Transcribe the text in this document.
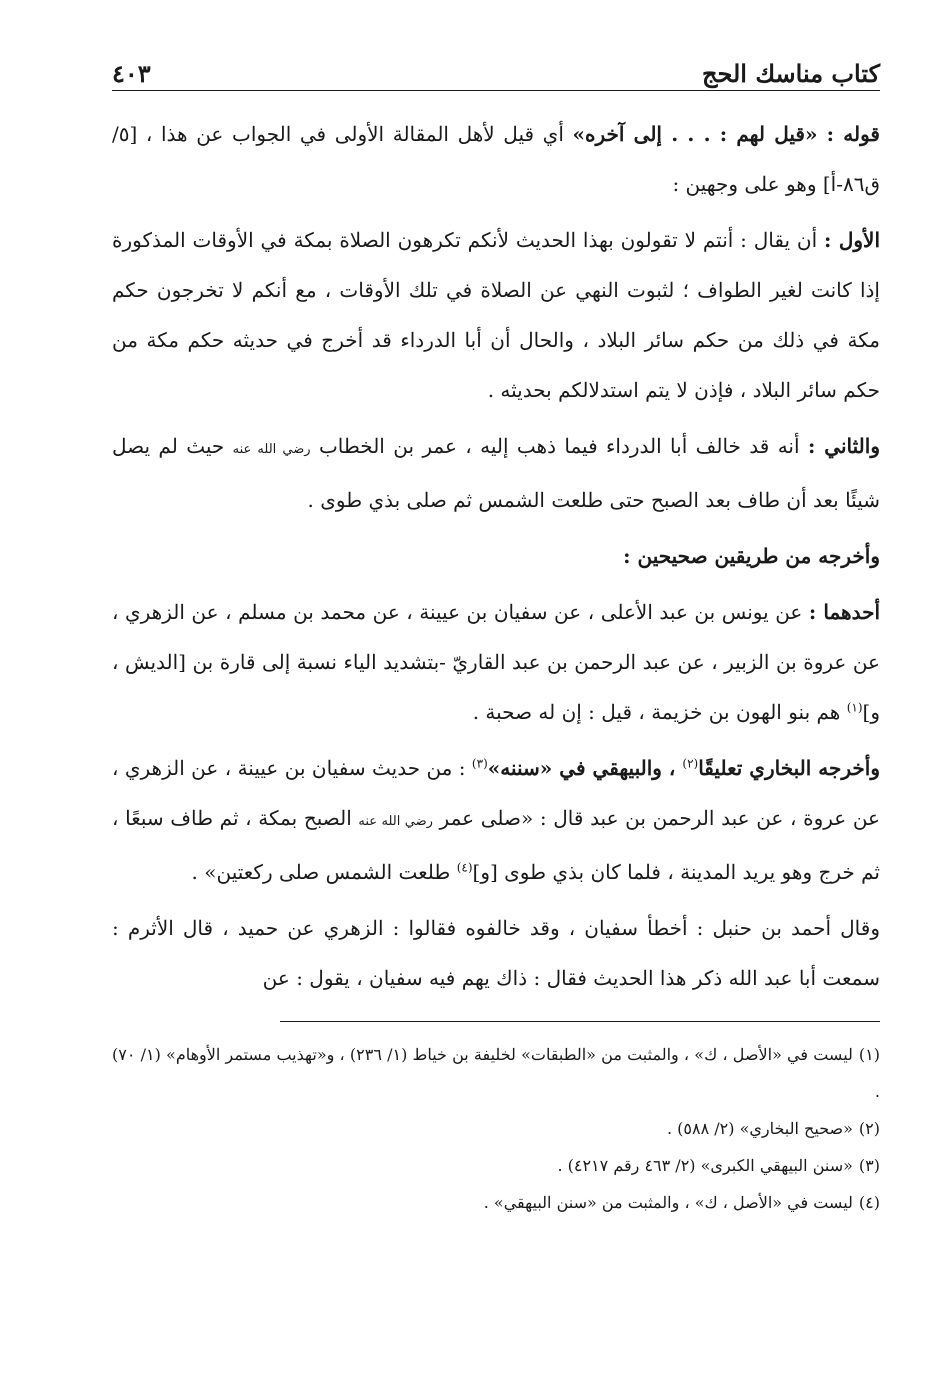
كتاب مناسك الحج
٤٠٣

قوله : «قيل لهم : . . . إلى آخره» أي قيل لأهل المقالة الأولى في الجواب عن هذا ، [٥/ ق٨٦-أ] وهو على وجهين :

الأول : أن يقال : أنتم لا تقولون بهذا الحديث لأنكم تكرهون الصلاة بمكة في الأوقات المذكورة إذا كانت لغير الطواف ؛ لثبوت النهي عن الصلاة في تلك الأوقات ، مع أنكم لا تخرجون حكم مكة في ذلك من حكم سائر البلاد ، والحال أن أبا الدرداء قد أخرج في حديثه حكم مكة من حكم سائر البلاد ، فإذن لا يتم استدلالكم بحديثه .

والثاني : أنه قد خالف أبا الدرداء فيما ذهب إليه ، عمر بن الخطاب رضي الله عنه حيث لم يصل شيئًا بعد أن طاف بعد الصبح حتى طلعت الشمس ثم صلى بذي طوى .

وأخرجه من طريقين صحيحين :

أحدهما : عن يونس بن عبد الأعلى ، عن سفيان بن عيينة ، عن محمد بن مسلم ، عن الزهري ، عن عروة بن الزبير ، عن عبد الرحمن بن عبد القاريّ -بتشديد الياء نسبة إلى قارة بن [الديش ، و]$^{(١)}$ هم بنو الهون بن خزيمة ، قيل : إن له صحبة .

وأخرجه البخاري تعليقًا$^{(٢)}$ ، والبيهقي في «سننه»$^{(٣)}$ : من حديث سفيان بن عيينة ، عن الزهري ، عن عروة ، عن عبد الرحمن بن عبد قال : «صلى عمر رضي الله عنه الصبح بمكة ، ثم طاف سبعًا ، ثم خرج وهو يريد المدينة ، فلما كان بذي طوى [و]$^{(٤)}$ طلعت الشمس صلى ركعتين» .

وقال أحمد بن حنبل : أخطأ سفيان ، وقد خالفوه فقالوا : الزهري عن حميد ، قال الأثرم : سمعت أبا عبد الله ذكر هذا الحديث فقال : ذاك يهم فيه سفيان ، يقول : عن

(١)ليست في «الأصل ، ك» ، والمثبت من «الطبقات» لخليفة بن خياط (١/ ٢٣٦) ، و«تهذيب مستمر الأوهام» (١/ ٧٠) .

(٢)«صحيح البخاري» (٢/ ٥٨٨) .

(٣)«سنن البيهقي الكبرى» (٢/ ٤٦٣ رقم ٤٢١٧) .

(٤)ليست في «الأصل ، ك» ، والمثبت من «سنن البيهقي» .
